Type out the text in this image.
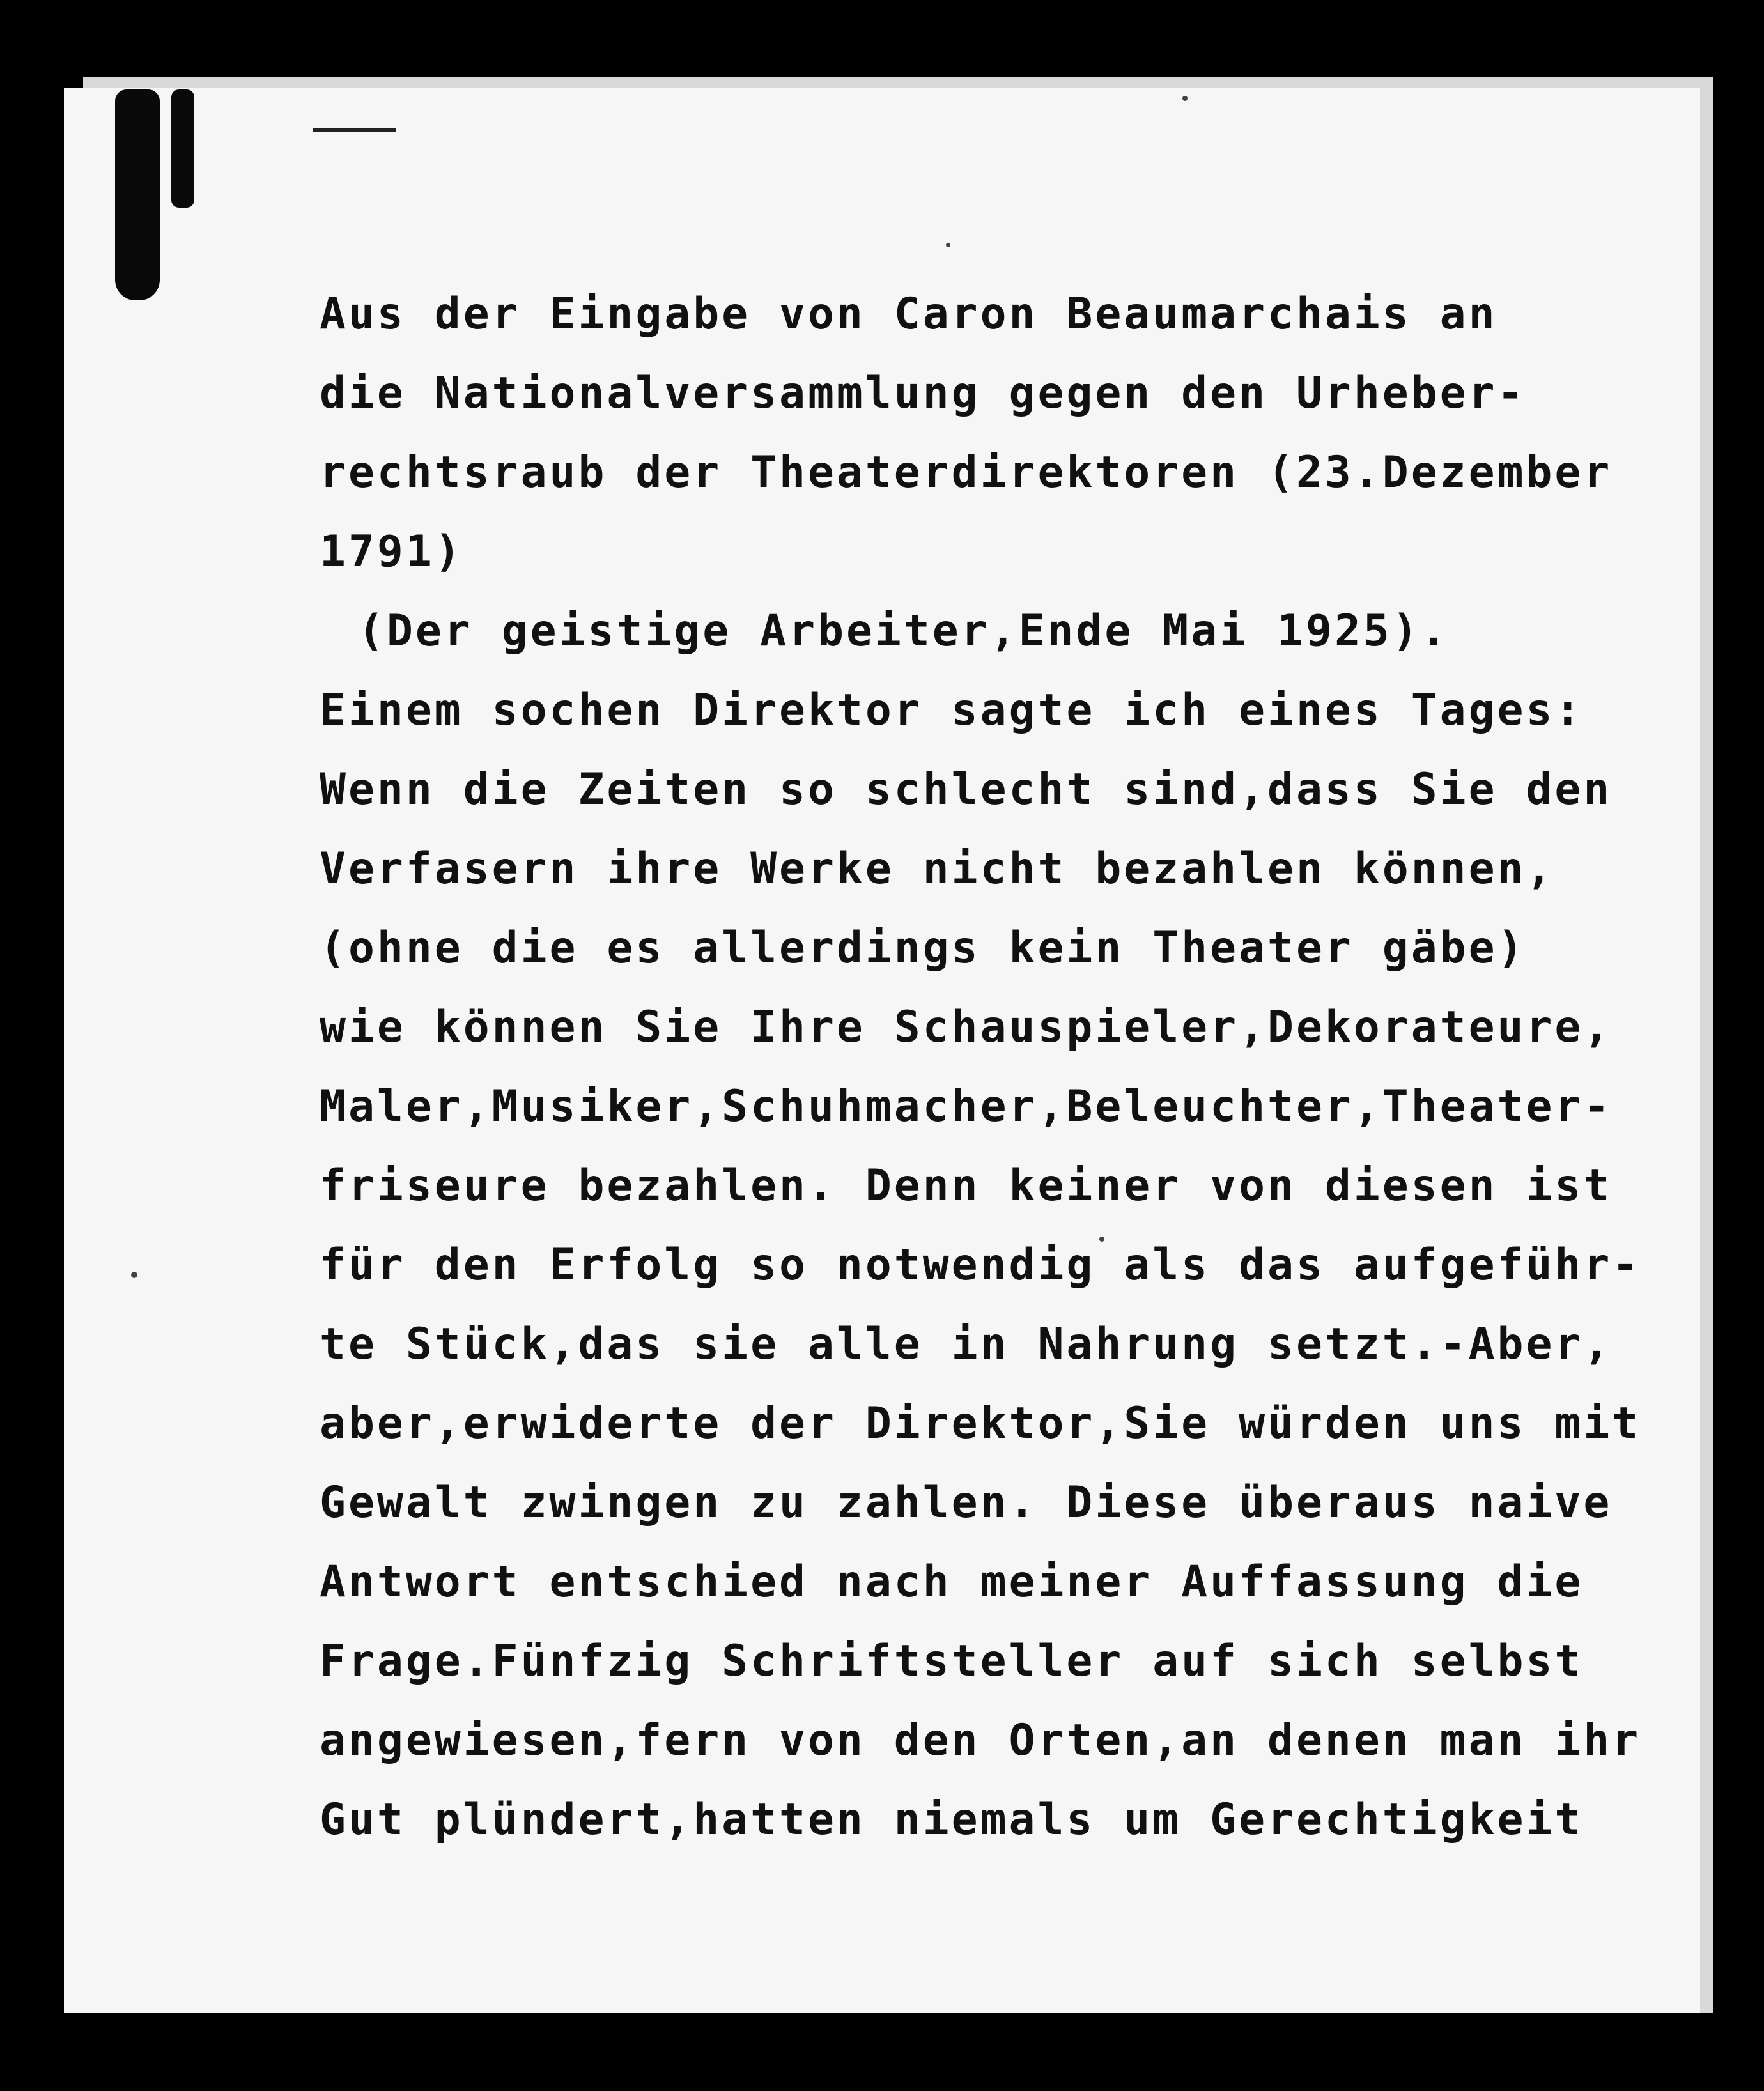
Aus der Eingabe von Caron Beaumarchais an
die Nationalversammlung gegen den Urheber-
rechtsraub der Theaterdirektoren (23.Dezember
1791)
(Der geistige Arbeiter,Ende Mai 1925).
Einem sochen Direktor sagte ich eines Tages:
Wenn die Zeiten so schlecht sind,dass Sie den
Verfasern ihre Werke nicht bezahlen können,
(ohne die es allerdings kein Theater gäbe)
wie können Sie Ihre Schauspieler,Dekorateure,
Maler,Musiker,Schuhmacher,Beleuchter,Theater-
friseure bezahlen. Denn keiner von diesen ist
für den Erfolg so notwendig als das aufgeführ-
te Stück,das sie alle in Nahrung setzt.-Aber,
aber,erwiderte der Direktor,Sie würden uns mit
Gewalt zwingen zu zahlen. Diese überaus naive
Antwort entschied nach meiner Auffassung die
Frage.Fünfzig Schriftsteller auf sich selbst
angewiesen,fern von den Orten,an denen man ihr
Gut plündert,hatten niemals um Gerechtigkeit
